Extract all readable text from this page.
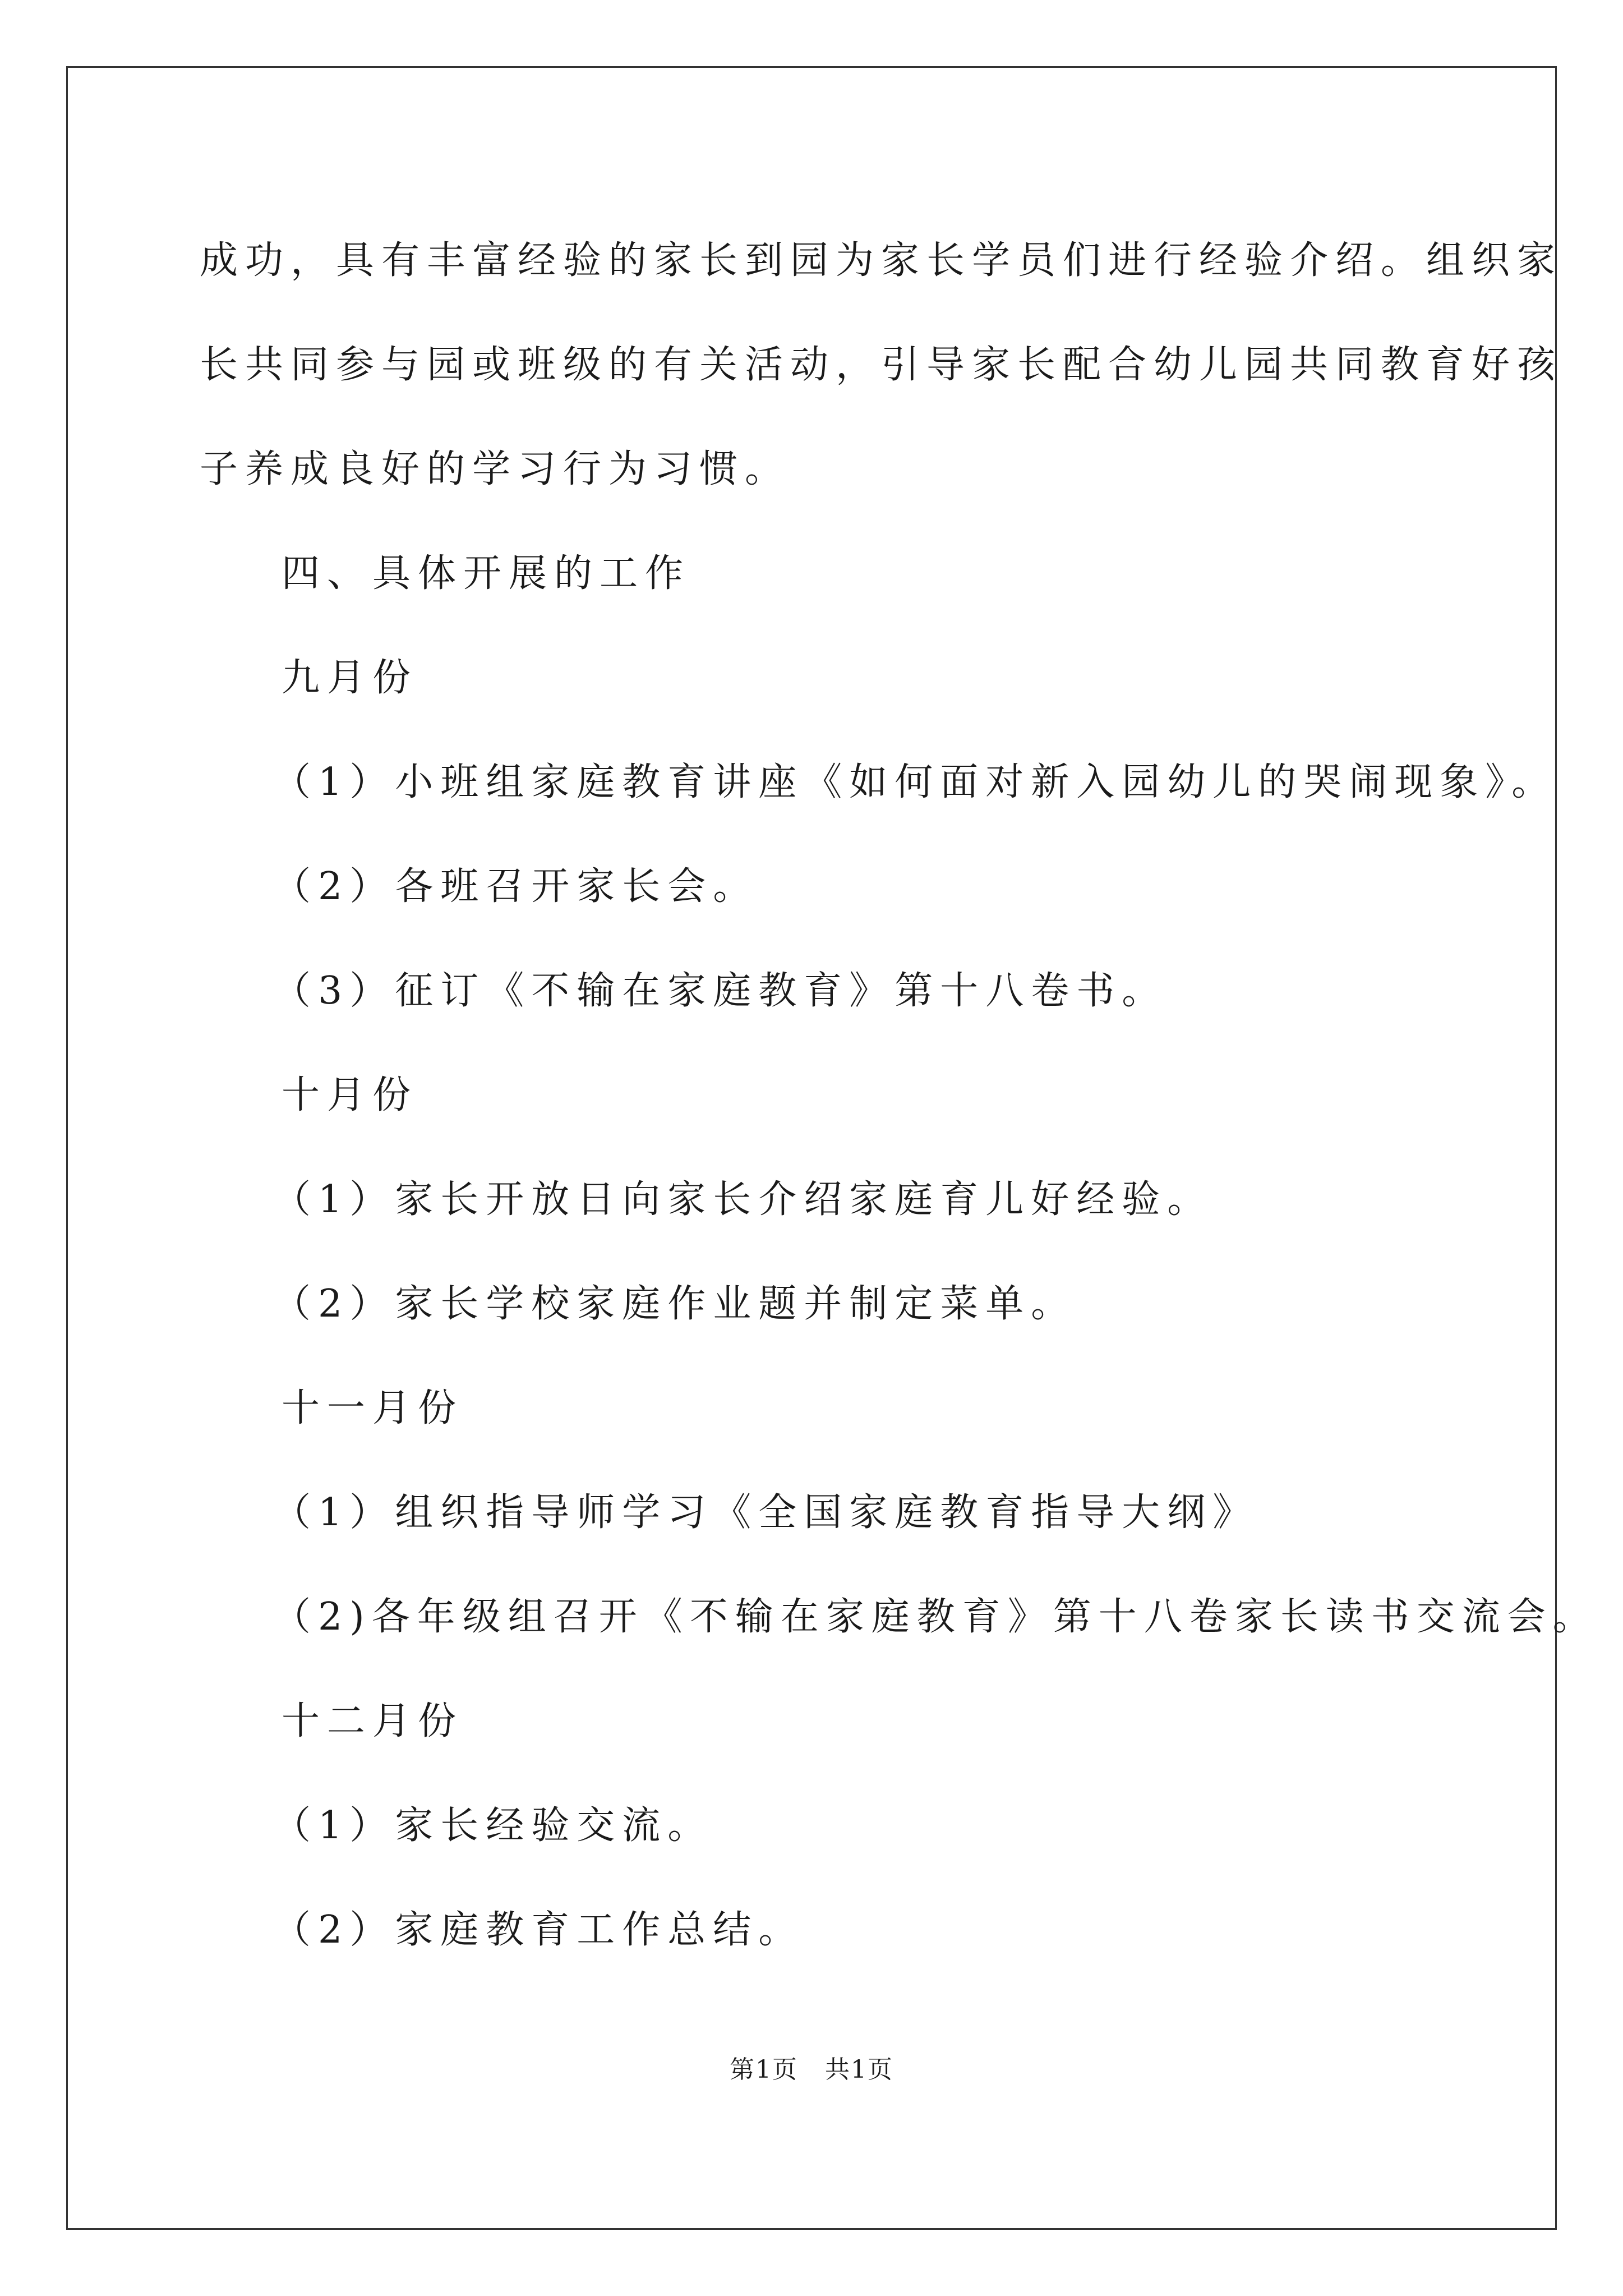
成功，具有丰富经验的家长到园为家长学员们进行经验介绍。组织家

长共同参与园或班级的有关活动，引导家长配合幼儿园共同教育好孩

子养成良好的学习行为习惯。

四、具体开展的工作

九月份

（1）小班组家庭教育讲座《如何面对新入园幼儿的哭闹现象》。

（2）各班召开家长会。

（3）征订《不输在家庭教育》第十八卷书。

十月份

（1）家长开放日向家长介绍家庭育儿好经验。

（2）家长学校家庭作业题并制定菜单。

十一月份

（1）组织指导师学习《全国家庭教育指导大纲》

（2)各年级组召开《不输在家庭教育》第十八卷家长读书交流会。

十二月份

（1）家长经验交流。

（2）家庭教育工作总结。

第1页 共1页
